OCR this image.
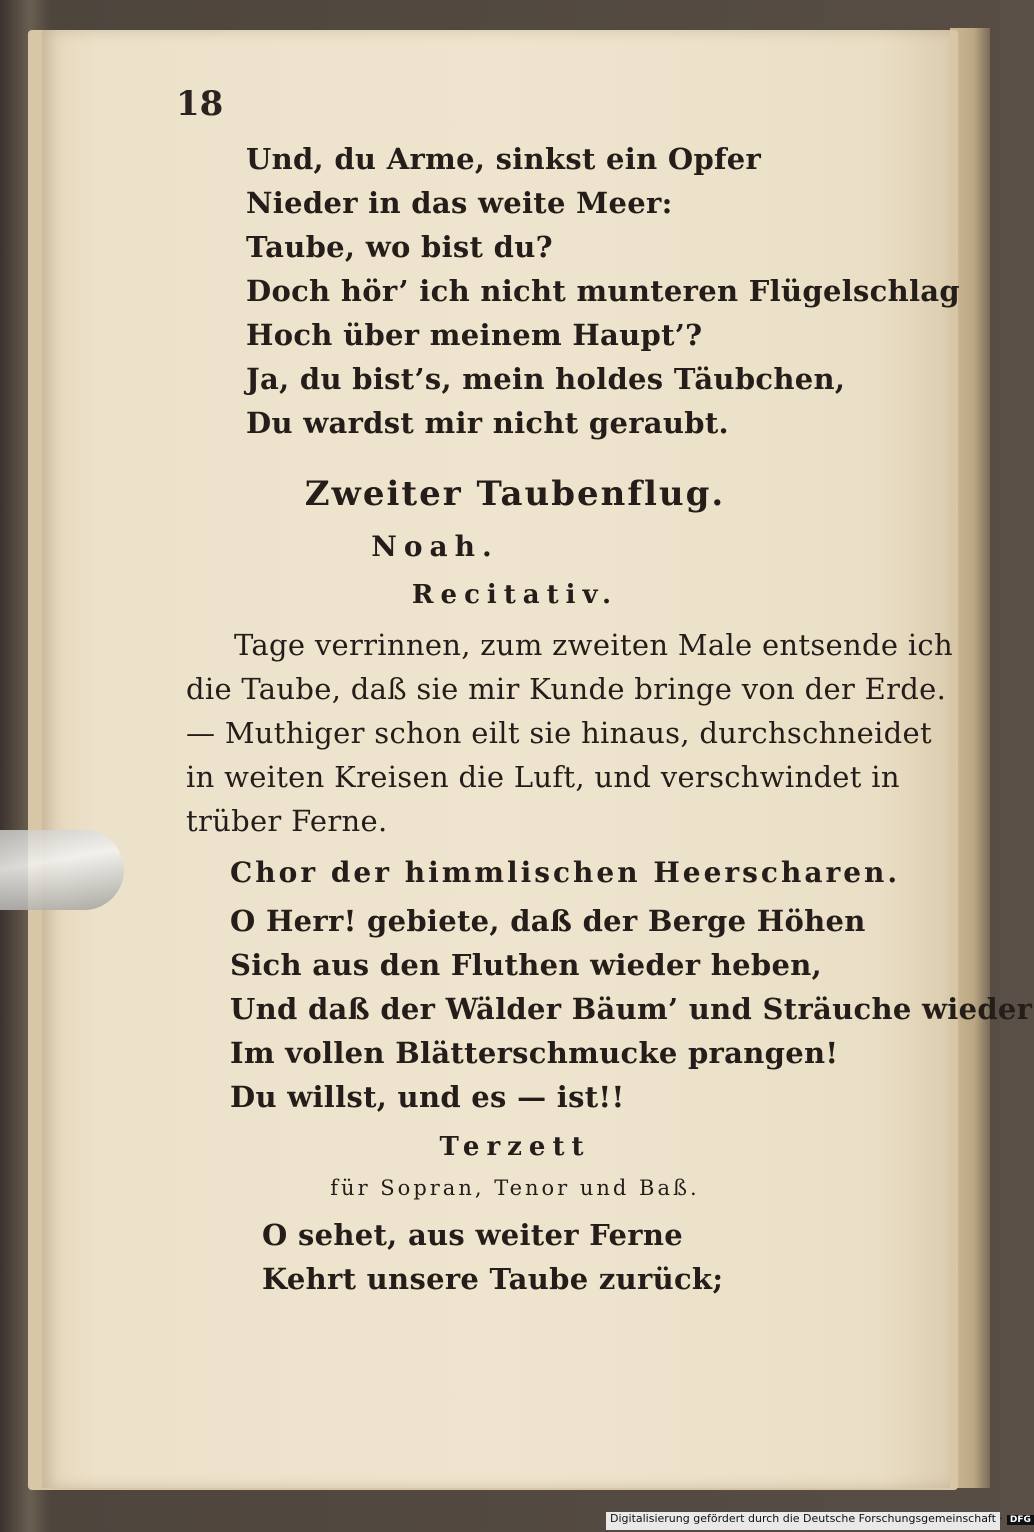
18
Und, du Arme, sinkst ein Opfer
Nieder in das weite Meer:
Taube, wo bist du?
Doch hör’ ich nicht munteren Flügelschlag
Hoch über meinem Haupt’?
Ja, du bist’s, mein holdes Täubchen,
Du wardst mir nicht geraubt.
Zweiter Taubenflug.
Noah.
Recitativ.
Tage verrinnen, zum zweiten Male entsende ich
die Taube, daß sie mir Kunde bringe von der Erde.
— Muthiger schon eilt sie hinaus, durchschneidet
in weiten Kreisen die Luft, und verschwindet in
trüber Ferne.
Chor der himmlischen Heerscharen.
O Herr! gebiete, daß der Berge Höhen
Sich aus den Fluthen wieder heben,
Und daß der Wälder Bäum’ und Sträuche wieder
Im vollen Blätterschmucke prangen!
Du willst, und es — ist!!
Terzett
für Sopran, Tenor und Baß.
O sehet, aus weiter Ferne
Kehrt unsere Taube zurück;
Digitalisierung gefördert durch die Deutsche Forschungsgemeinschaft · DFG
